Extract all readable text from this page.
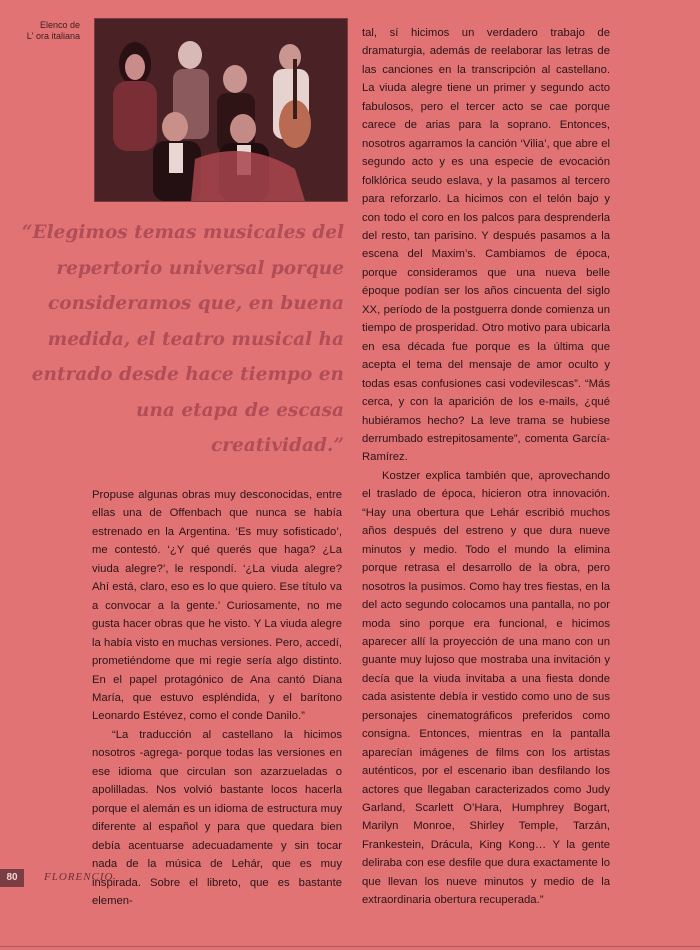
Elenco de
L' ora italiana
“Elegimos temas musicales del repertorio universal porque consideramos que, en buena medida, el teatro musical ha entrado desde hace tiempo en una etapa de escasa creatividad.”

Propuse algunas obras muy desconocidas, entre ellas una de Offenbach que nunca se había estrenado en la Argentina. ‘Es muy sofisticado’, me contestó. ‘¿Y qué querés que haga? ¿La viuda alegre?’, le respondí. ‘¿La viuda alegre? Ahí está, claro, eso es lo que quiero. Ese título va a convocar a la gente.’ Curiosamente, no me gusta hacer obras que he visto. Y La viuda alegre la había visto en muchas versiones. Pero, accedí, prometiéndome que mi regie sería algo distinto. En el papel protagónico de Ana cantó Diana María, que estuvo espléndida, y el barítono Leonardo Estévez, como el conde Danilo.”

“La traducción al castellano la hicimos nosotros -agrega- porque todas las versiones en ese idioma que circulan son azarzueladas o apolilladas. Nos volvió bastante locos hacerla porque el alemán es un idioma de estructura muy diferente al español y para que quedara bien debía acentuarse adecuadamente y sin tocar nada de la música de Lehár, que es muy inspirada. Sobre el libreto, que es bastante elemen-

tal, sí hicimos un verdadero trabajo de dramaturgia, además de reelaborar las letras de las canciones en la transcripción al castellano. La viuda alegre tiene un primer y segundo acto fabulosos, pero el tercer acto se cae porque carece de arias para la soprano. Entonces, nosotros agarramos la canción ‘Vilia’, que abre el segundo acto y es una especie de evocación folklórica seudo eslava, y la pasamos al tercero para reforzarlo. La hicimos con el telón bajo y con todo el coro en los palcos para desprenderla del resto, tan parisino. Y después pasamos a la escena del Maxim’s. Cambiamos de época, porque consideramos que una nueva belle époque podían ser los años cincuenta del siglo XX, período de la postguerra donde comienza un tiempo de prosperidad. Otro motivo para ubicarla en esa década fue porque es la última que acepta el tema del mensaje de amor oculto y todas esas confusiones casi vodevilescas”. “Más cerca, y con la aparición de los e-mails, ¿qué hubiéramos hecho? La leve trama se hubiese derrumbado estrepitosamente”, comenta García-Ramírez.

Kostzer explica también que, aprovechando el traslado de época, hicieron otra innovación. “Hay una obertura que Lehár escribió muchos años después del estreno y que dura nueve minutos y medio. Todo el mundo la elimina porque retrasa el desarrollo de la obra, pero nosotros la pusimos. Como hay tres fiestas, en la del acto segundo colocamos una pantalla, no por moda sino porque era funcional, e hicimos aparecer allí la proyección de una mano con un guante muy lujoso que mostraba una invitación y decía que la viuda invitaba a una fiesta donde cada asistente debía ir vestido como uno de sus personajes cinematográficos preferidos como consigna. Entonces, mientras en la pantalla aparecían imágenes de films con los artistas auténticos, por el escenario iban desfilando los actores que llegaban caracterizados como Judy Garland, Scarlett O’Hara, Humphrey Bogart, Marilyn Monroe, Shirley Temple, Tarzán, Frankestein, Drácula, King Kong… Y la gente deliraba con ese desfile que dura exactamente lo que llevan los nueve minutos y medio de la extraordinaria obertura recuperada.”

80	FLORENCIO
